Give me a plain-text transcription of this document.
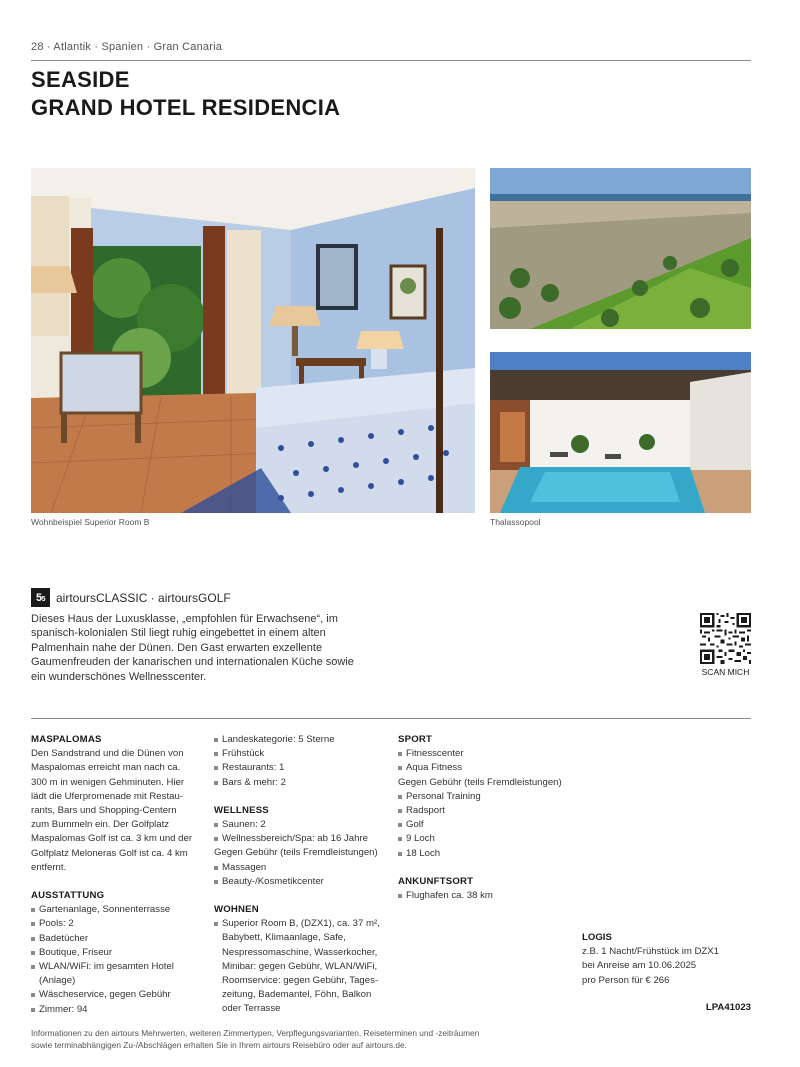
28 · Atlantik · Spanien · Gran Canaria
SEASIDE
GRAND HOTEL RESIDENCIA
Wohnbeispiel Superior Room B	Thalassopool
5 5 airtoursCLASSIC · airtoursGOLF

Dieses Haus der Luxusklasse, „empfohlen für Erwachsene“, im spanisch-kolonialen Stil liegt ruhig eingebettet in einem alten Palmenhain nahe der Dünen. Den Gast erwarten exzellente Gaumenfreuden der kanarischen und internationalen Küche sowie ein wunderschönes Wellnesscenter.	SCAN MICH
MASPALOMAS
Den Sandstrand und die Dünen von
Maspalomas erreicht man nach ca.
300 m in wenigen Gehminuten. Hier
lädt die Uferpromenade mit Restau-
rants, Bars und Shopping-Centern
zum Bummeln ein. Der Golfplatz
Maspalomas Golf ist ca. 3 km und der
Golfplatz Meloneras Golf ist ca. 4 km
entfernt.
AUSSTATTUNG
Gartenanlage, Sonnenterrasse
Pools: 2
Badetücher
Boutique, Friseur
WLAN/WiFi: im gesamten Hotel (Anlage)
Wäscheservice, gegen Gebühr
Zimmer: 94
Landeskategorie: 5 Sterne
Frühstück
Restaurants: 1
Bars & mehr: 2
WELLNESS
Saunen: 2
Wellnessbereich/Spa: ab 16 Jahre
Gegen Gebühr (teils Fremdleistungen)
Massagen
Beauty-/Kosmetikcenter
WOHNEN
Superior Room B, (DZX1), ca. 37 m², Babybett, Klimaanlage, Safe, Nespressomaschine, Wasserkocher, Minibar: gegen Gebühr, WLAN/WiFi, Roomservice: gegen Gebühr, Tages-zeitung, Bademantel, Föhn, Balkon oder Terrasse
SPORT
Fitnesscenter
Aqua Fitness
Gegen Gebühr (teils Fremdleistungen)
Personal Training
Radsport
Golf
9 Loch
18 Loch
ANKUNFTSORT
Flughafen ca. 38 km
LOGIS
z.B. 1 Nacht/Frühstück im DZX1
bei Anreise am 10.06.2025
pro Person für € 266
LPA41023
Informationen zu den airtours Mehrwerten, weiteren Zimmertypen, Verpflegungsvarianten, Reiseterminen und -zeiträumen
sowie terminabhängigen Zu-/Abschlägen erhalten Sie in Ihrem airtours Reisebüro oder auf airtours.de.
